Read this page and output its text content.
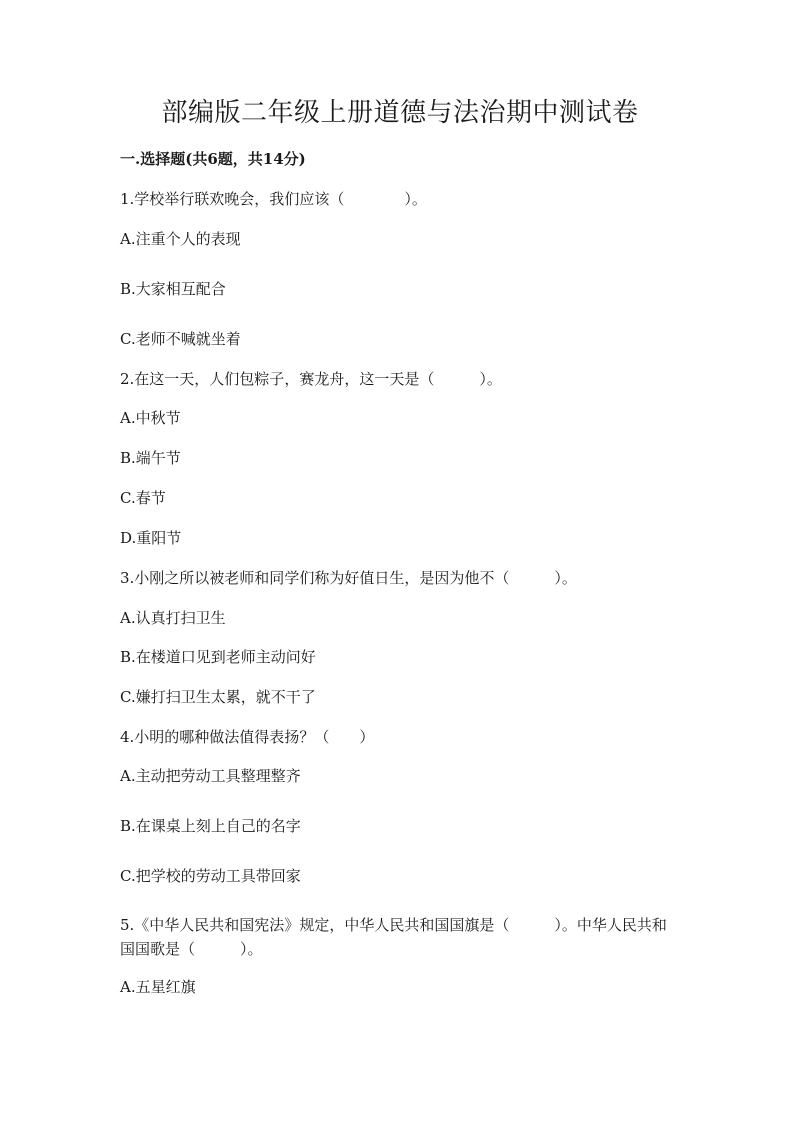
部编版二年级上册道德与法治期中测试卷
一.选择题(共6题，共14分)
1.学校举行联欢晚会，我们应该（　　　　）。
A.注重个人的表现
B.大家相互配合
C.老师不喊就坐着
2.在这一天，人们包粽子，赛龙舟，这一天是（　　　）。
A.中秋节
B.端午节
C.春节
D.重阳节
3.小刚之所以被老师和同学们称为好值日生，是因为他不（　　　）。
A.认真打扫卫生
B.在楼道口见到老师主动问好
C.嫌打扫卫生太累，就不干了
4.小明的哪种做法值得表扬？（　　）
A.主动把劳动工具整理整齐
B.在课桌上刻上自己的名字
C.把学校的劳动工具带回家
5.《中华人民共和国宪法》规定，中华人民共和国国旗是（　　　）。中华人民共和国国歌是（　　　）。
A.五星红旗
